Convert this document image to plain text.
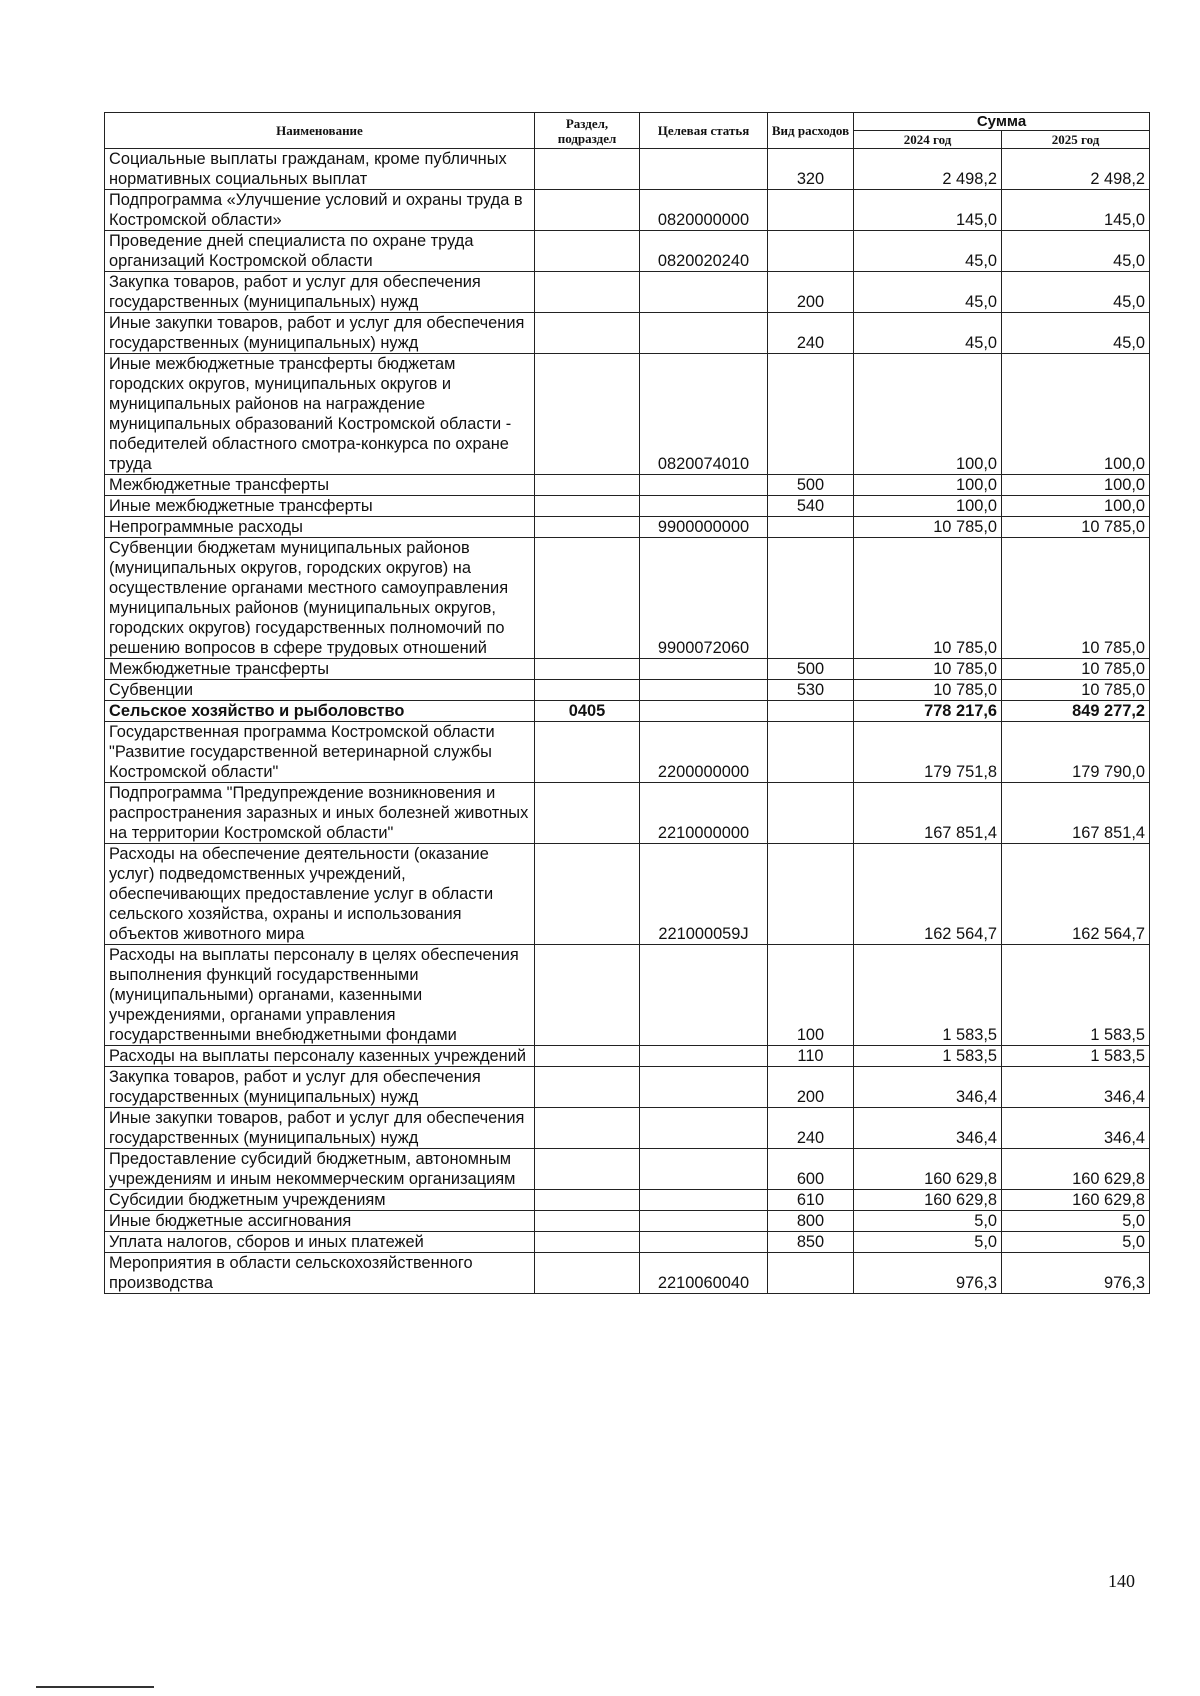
Наименование	Раздел, подраздел	Целевая статья	Вид расходов	Сумма	
				2024 год	2025 год
Социальные выплаты гражданам, кроме публичных нормативных социальных выплат			320	2 498,2	2 498,2
Подпрограмма «Улучшение условий и охраны труда в Костромской области»		0820000000		145,0	145,0
Проведение дней специалиста по охране труда организаций Костромской области		0820020240		45,0	45,0
Закупка товаров, работ и услуг для обеспечения государственных (муниципальных) нужд			200	45,0	45,0
Иные закупки товаров, работ и услуг для обеспечения государственных (муниципальных) нужд			240	45,0	45,0
Иные межбюджетные трансферты бюджетам городских округов, муниципальных округов и муниципальных районов на награждение муниципальных образований Костромской области - победителей областного смотра-конкурса по охране труда		0820074010		100,0	100,0
Межбюджетные трансферты			500	100,0	100,0
Иные межбюджетные трансферты			540	100,0	100,0
Непрограммные расходы		9900000000		10 785,0	10 785,0
Субвенции бюджетам муниципальных районов (муниципальных округов, городских округов) на осуществление органами местного самоуправления муниципальных районов (муниципальных округов, городских округов) государственных полномочий по решению вопросов в сфере трудовых отношений		9900072060		10 785,0	10 785,0
Межбюджетные трансферты			500	10 785,0	10 785,0
Субвенции			530	10 785,0	10 785,0
Сельское хозяйство и рыболовство	0405			778 217,6	849 277,2
Государственная программа Костромской области "Развитие государственной ветеринарной службы Костромской области"		2200000000		179 751,8	179 790,0
Подпрограмма "Предупреждение возникновения и распространения заразных и иных болезней животных на территории Костромской области"		2210000000		167 851,4	167 851,4
Расходы на обеспечение деятельности (оказание услуг) подведомственных учреждений, обеспечивающих предоставление услуг в области сельского хозяйства, охраны и использования объектов животного мира		221000059J		162 564,7	162 564,7
Расходы на выплаты персоналу в целях обеспечения выполнения функций государственными (муниципальными) органами, казенными учреждениями, органами управления государственными внебюджетными фондами			100	1 583,5	1 583,5
Расходы на выплаты персоналу казенных учреждений			110	1 583,5	1 583,5
Закупка товаров, работ и услуг для обеспечения государственных (муниципальных) нужд			200	346,4	346,4
Иные закупки товаров, работ и услуг для обеспечения государственных (муниципальных) нужд			240	346,4	346,4
Предоставление субсидий бюджетным, автономным учреждениям и иным некоммерческим организациям			600	160 629,8	160 629,8
Субсидии бюджетным учреждениям			610	160 629,8	160 629,8
Иные бюджетные ассигнования			800	5,0	5,0
Уплата налогов, сборов и иных платежей			850	5,0	5,0
Мероприятия в области сельскохозяйственного производства		2210060040		976,3	976,3
140
